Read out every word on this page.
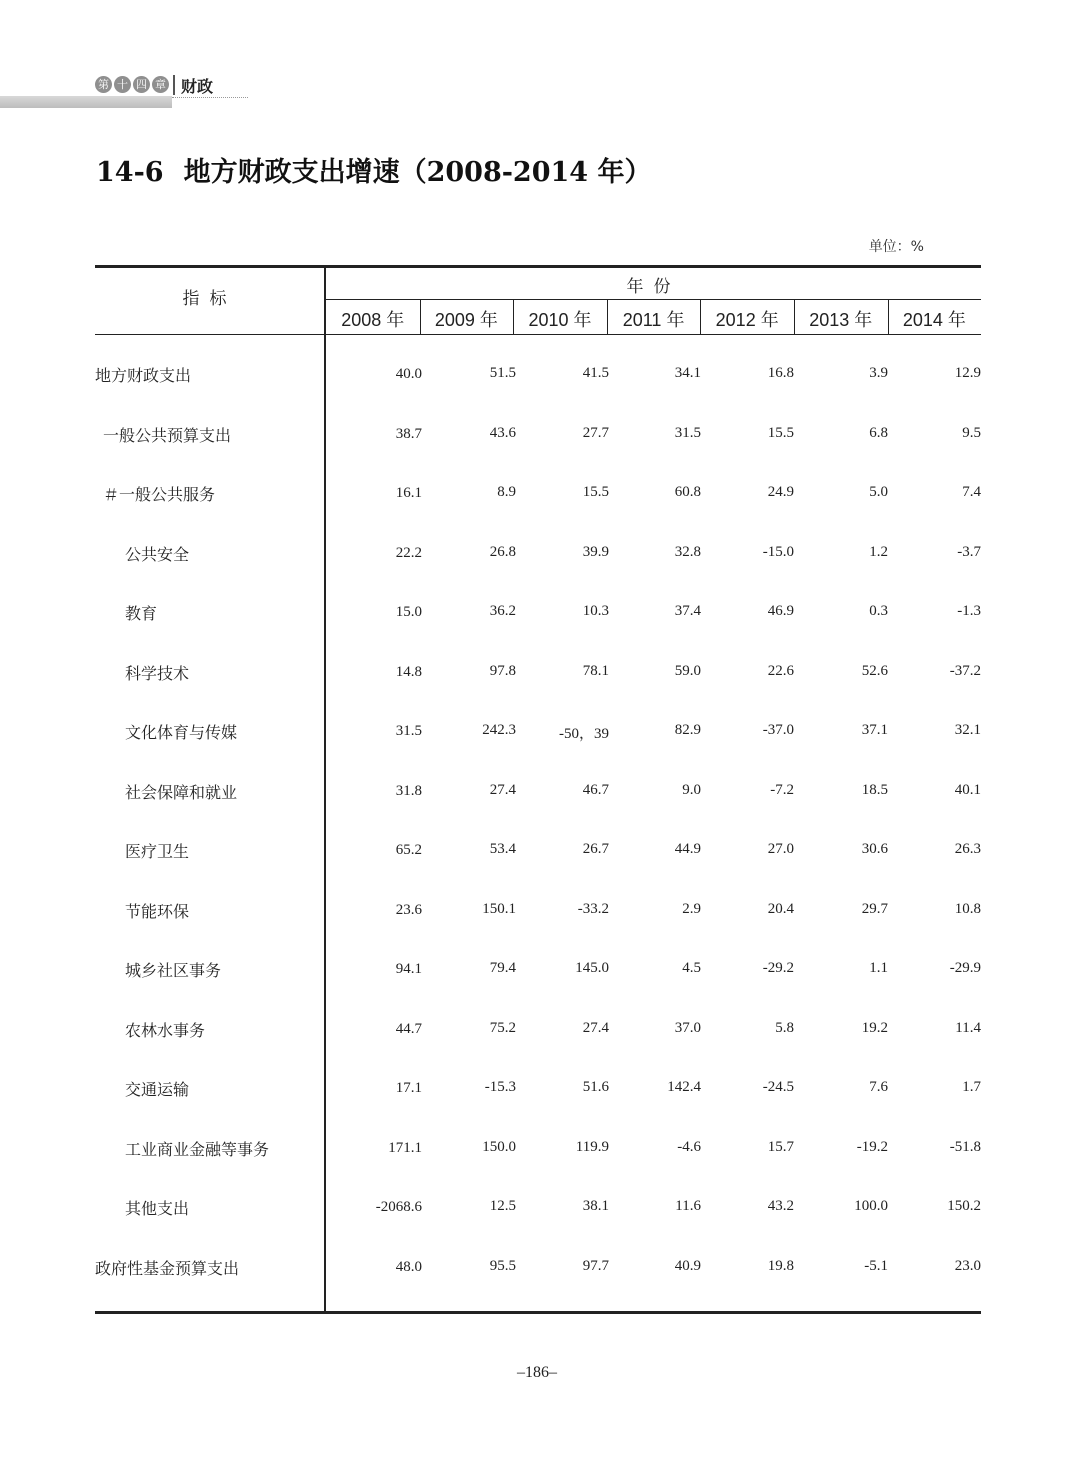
第 十 四 章 财政
14-6 地方财政支出增速（2008-2014 年）
单位：%
指标
年份
2008 年	2009 年	2010 年	2011 年	2012 年	2013 年	2014 年
地方财政支出	40.0	51.5	41.5	34.1	16.8	3.9	12.9
一般公共预算支出	38.7	43.6	27.7	31.5	15.5	6.8	9.5
＃一般公共服务	16.1	8.9	15.5	60.8	24.9	5.0	7.4
公共安全	22.2	26.8	39.9	32.8	-15.0	1.2	-3.7
教育	15.0	36.2	10.3	37.4	46.9	0.3	-1.3
科学技术	14.8	97.8	78.1	59.0	22.6	52.6	-37.2
文化体育与传媒	31.5	242.3	-50，39	82.9	-37.0	37.1	32.1
社会保障和就业	31.8	27.4	46.7	9.0	-7.2	18.5	40.1
医疗卫生	65.2	53.4	26.7	44.9	27.0	30.6	26.3
节能环保	23.6	150.1	-33.2	2.9	20.4	29.7	10.8
城乡社区事务	94.1	79.4	145.0	4.5	-29.2	1.1	-29.9
农林水事务	44.7	75.2	27.4	37.0	5.8	19.2	11.4
交通运输	17.1	-15.3	51.6	142.4	-24.5	7.6	1.7
工业商业金融等事务	171.1	150.0	119.9	-4.6	15.7	-19.2	-51.8
其他支出	-2068.6	12.5	38.1	11.6	43.2	100.0	150.2
政府性基金预算支出	48.0	95.5	97.7	40.9	19.8	-5.1	23.0
–186–
